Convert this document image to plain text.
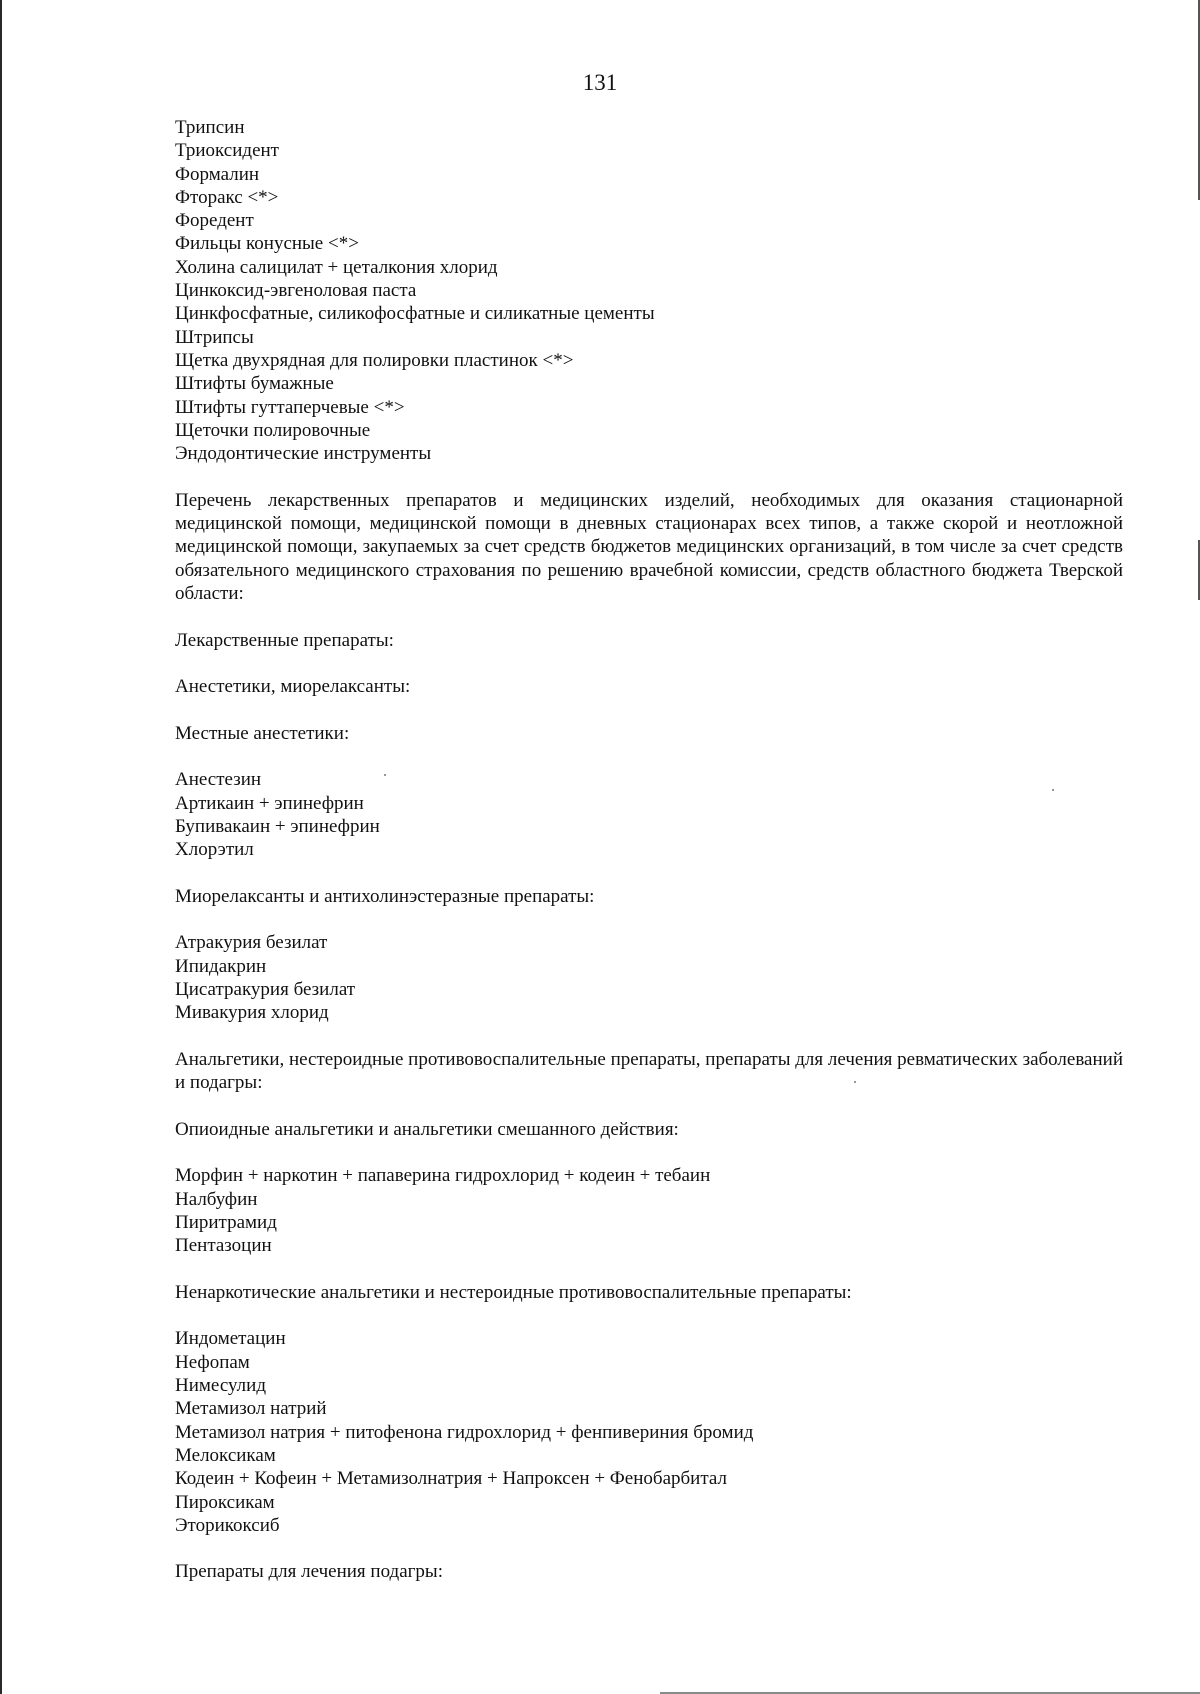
131
Трипсин
Триоксидент
Формалин
Фторакс <*>
Форедент
Фильцы конусные <*>
Холина салицилат + цеталкония хлорид
Цинкоксид-эвгеноловая паста
Цинкфосфатные, силикофосфатные и силикатные цементы
Штрипсы
Щетка двухрядная для полировки пластинок <*>
Штифты бумажные
Штифты гуттаперчевые <*>
Щеточки полировочные
Эндодонтические инструменты

Перечень лекарственных препаратов и медицинских изделий, необходимых для оказания стационарной медицинской помощи, медицинской помощи в дневных стационарах всех типов, а также скорой и неотложной медицинской помощи, закупаемых за счет средств бюджетов медицинских организаций, в том числе за счет средств обязательного медицинского страхования по решению врачебной комиссии, средств областного бюджета Тверской области:

Лекарственные препараты:

Анестетики, миорелаксанты:

Местные анестетики:

Анестезин
Артикаин + эпинефрин
Бупивакаин + эпинефрин
Хлорэтил

Миорелаксанты и антихолинэстеразные препараты:

Атракурия безилат
Ипидакрин
Цисатракурия безилат
Мивакурия хлорид

Анальгетики, нестероидные противовоспалительные препараты, препараты для лечения ревматических заболеваний и подагры:

Опиоидные анальгетики и анальгетики смешанного действия:

Морфин + наркотин + папаверина гидрохлорид + кодеин + тебаин
Налбуфин
Пиритрамид
Пентазоцин

Ненаркотические анальгетики и нестероидные противовоспалительные препараты:

Индометацин
Нефопам
Нимесулид
Метамизол натрий
Метамизол натрия + питофенона гидрохлорид + фенпивериния бромид
Мелоксикам
Кодеин + Кофеин + Метамизолнатрия + Напроксен + Фенобарбитал
Пироксикам
Эторикоксиб

Препараты для лечения подагры:
